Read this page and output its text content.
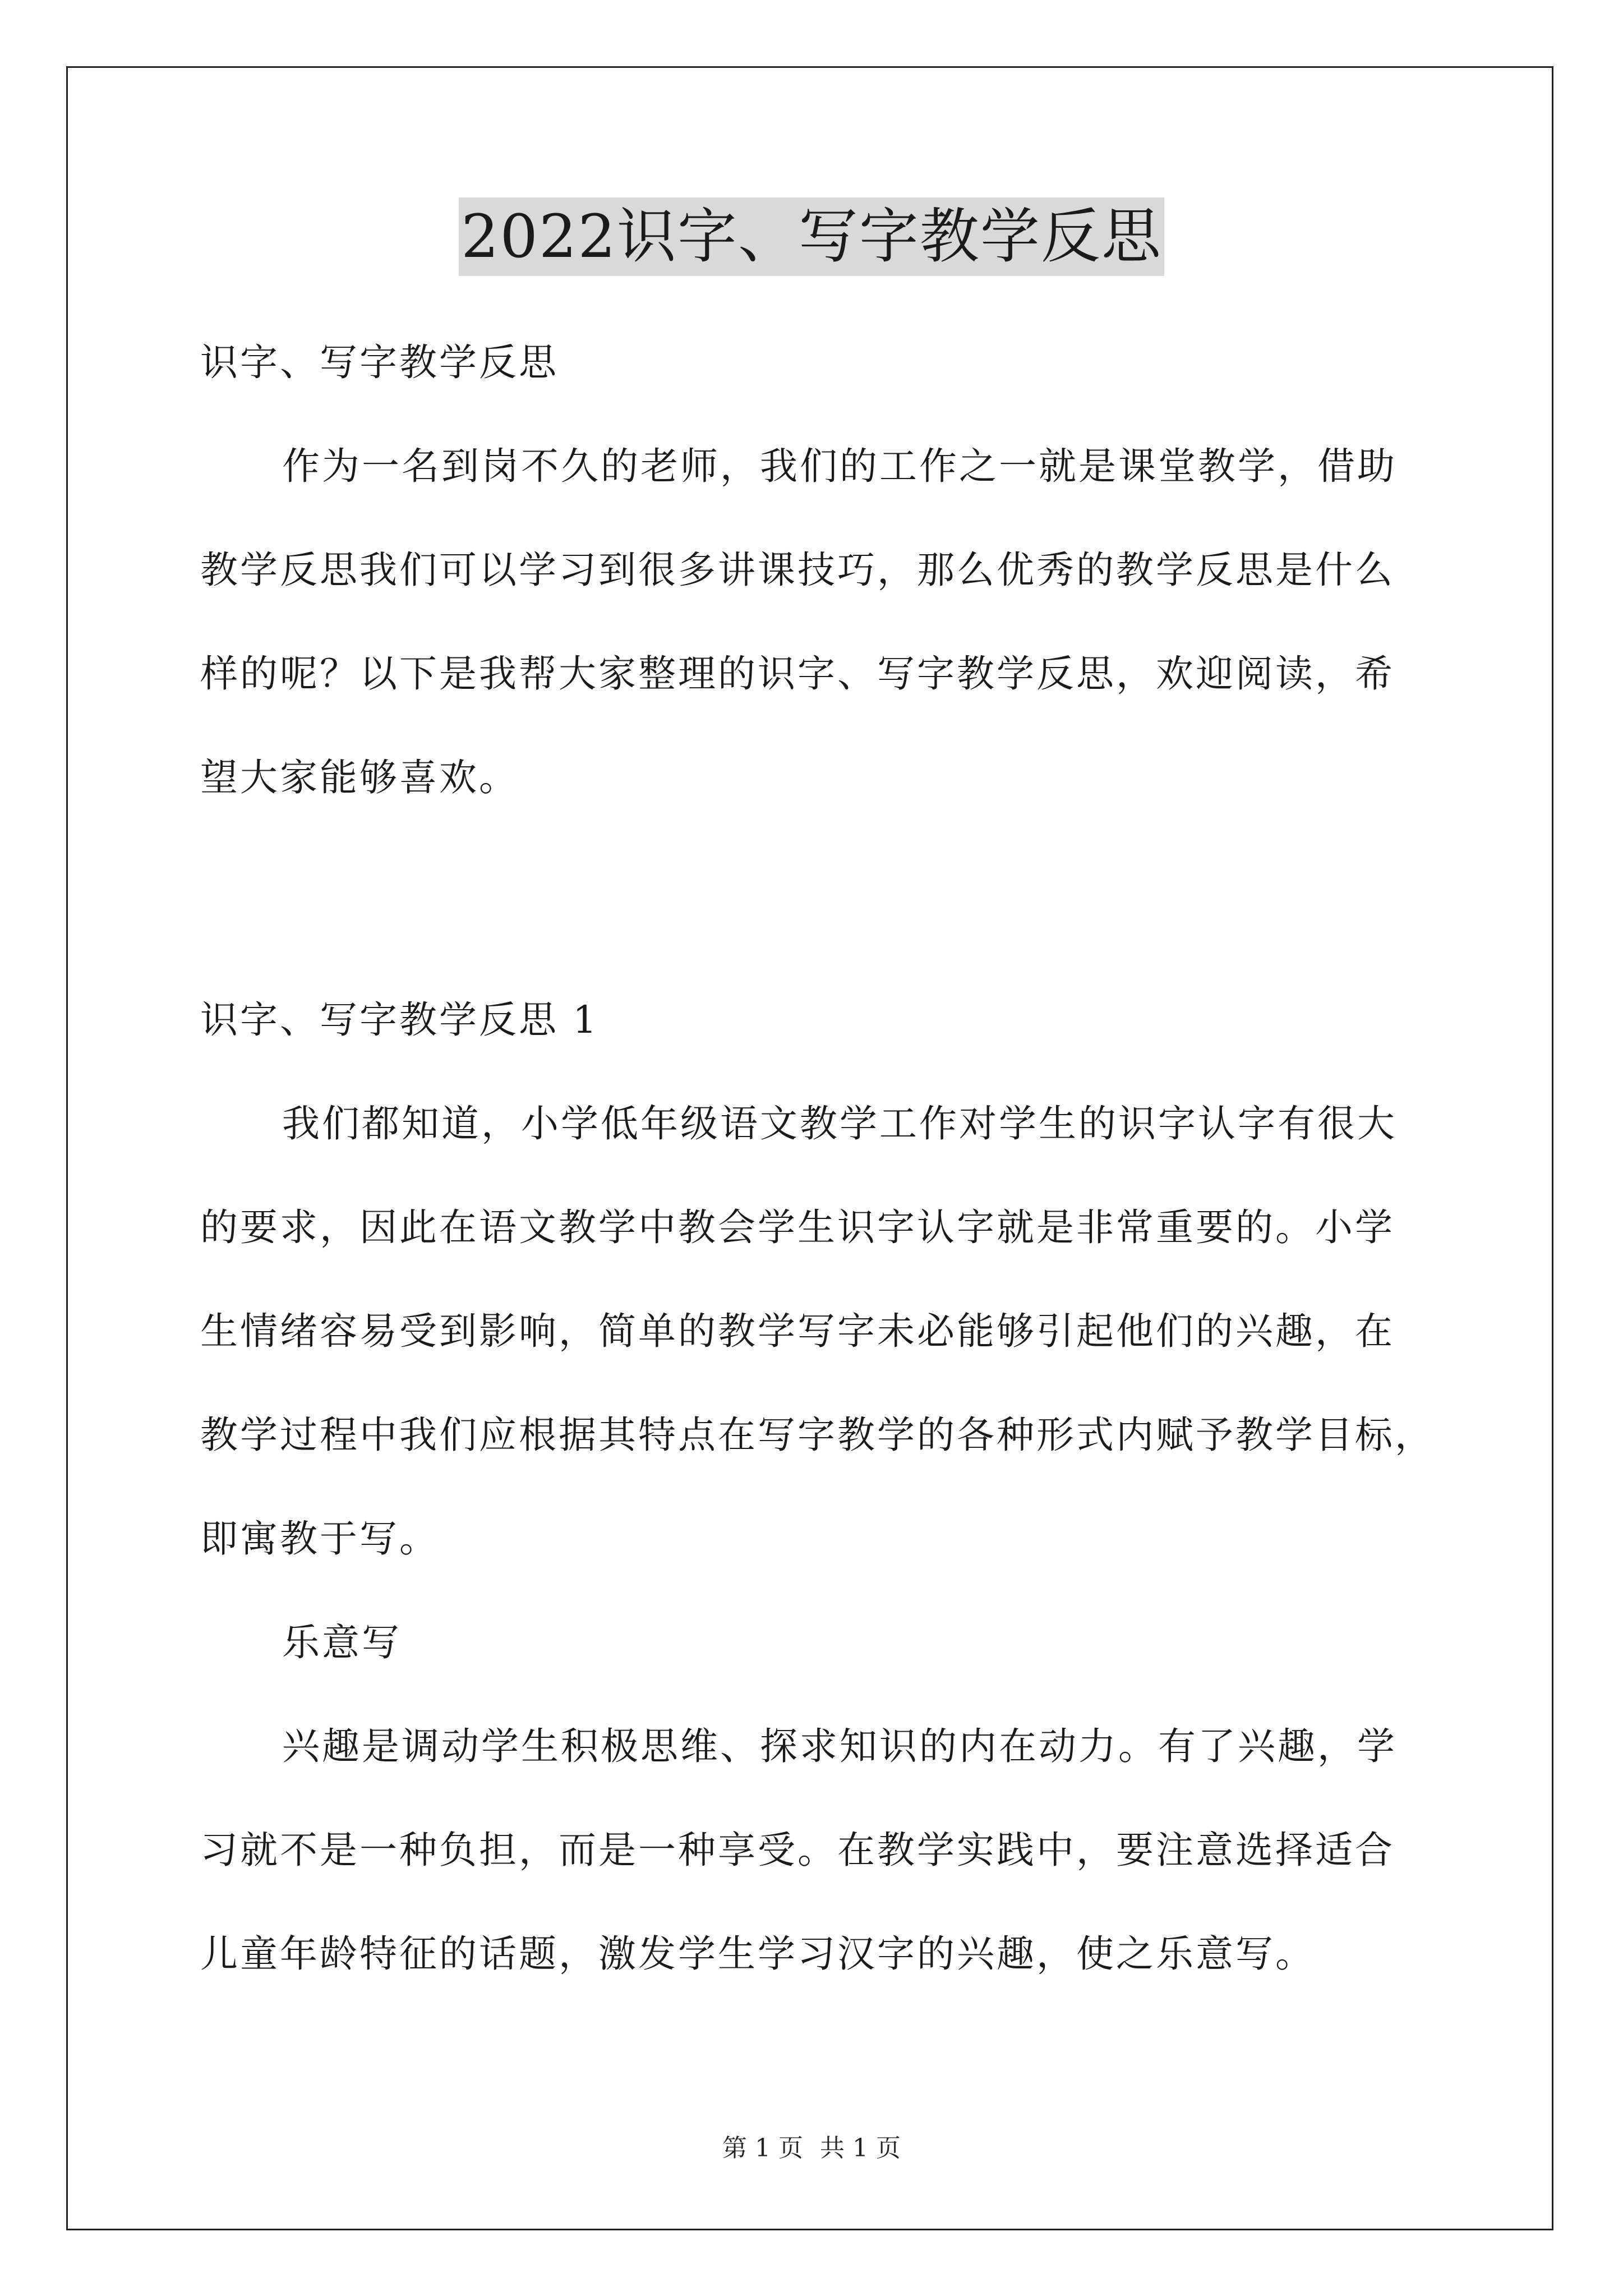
2022识字、写字教学反思

识字、写字教学反思

作为一名到岗不久的老师，我们的工作之一就是课堂教学，借助

教学反思我们可以学习到很多讲课技巧，那么优秀的教学反思是什么

样的呢？以下是我帮大家整理的识字、写字教学反思，欢迎阅读，希

望大家能够喜欢。

识字、写字教学反思 1

我们都知道，小学低年级语文教学工作对学生的识字认字有很大

的要求，因此在语文教学中教会学生识字认字就是非常重要的。小学

生情绪容易受到影响，简单的教学写字未必能够引起他们的兴趣，在

教学过程中我们应根据其特点在写字教学的各种形式内赋予教学目标，

即寓教于写。

乐意写

兴趣是调动学生积极思维、探求知识的内在动力。有了兴趣，学

习就不是一种负担，而是一种享受。在教学实践中，要注意选择适合

儿童年龄特征的话题，激发学生学习汉字的兴趣，使之乐意写。

第 1 页 共 1 页
